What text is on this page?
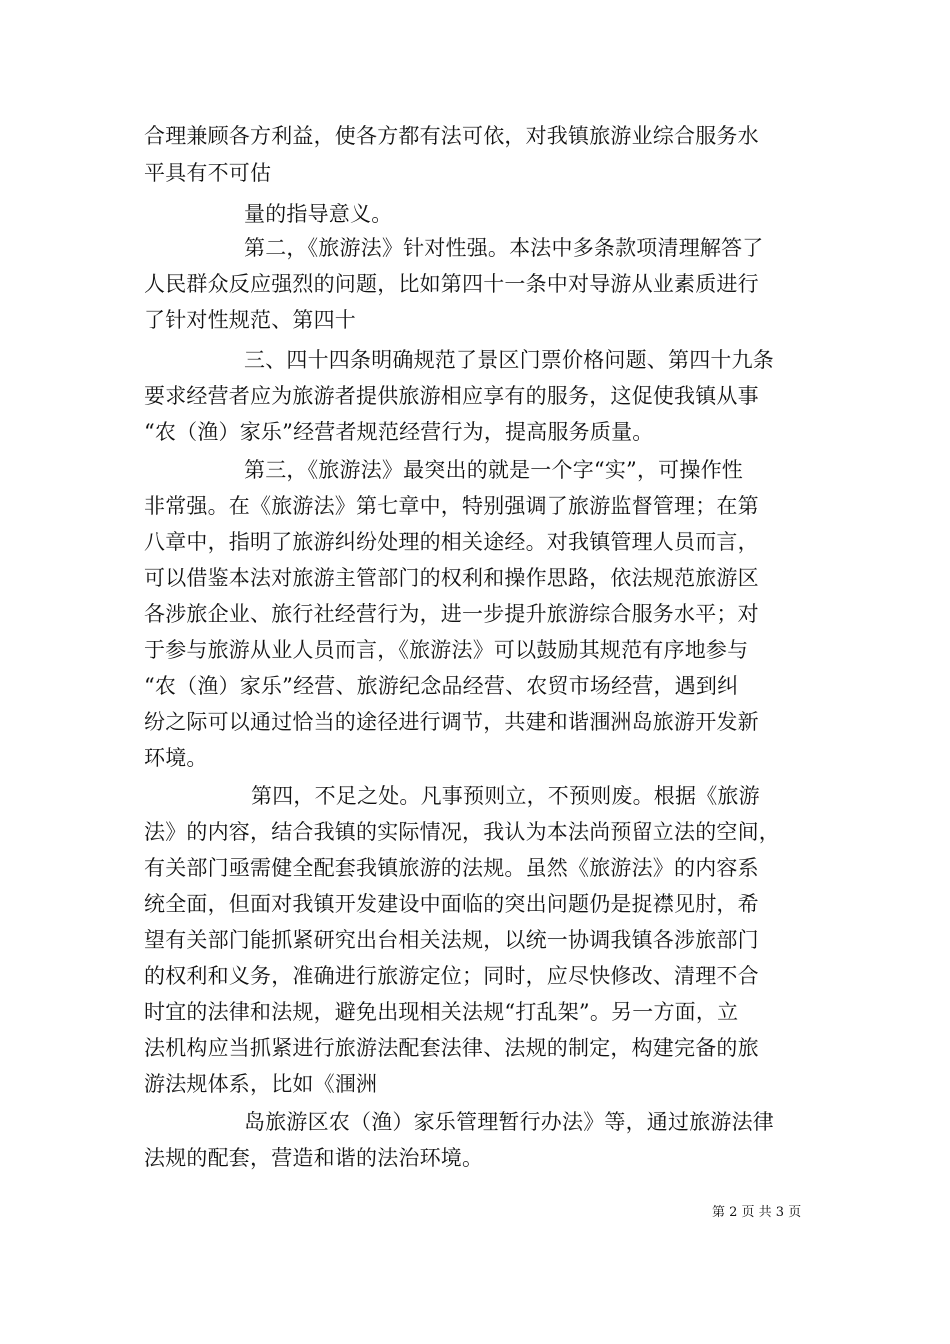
合理兼顾各方利益，使各方都有法可依，对我镇旅游业综合服务水
平具有不可估
量的指导意义。
第二，《旅游法》针对性强。本法中多条款项清理解答了
人民群众反应强烈的问题，比如第四十一条中对导游从业素质进行
了针对性规范、第四十
三、四十四条明确规范了景区门票价格问题、第四十九条
要求经营者应为旅游者提供旅游相应享有的服务，这促使我镇从事
“农（渔）家乐”经营者规范经营行为，提高服务质量。
第三，《旅游法》最突出的就是一个字“实”，可操作性
非常强。在《旅游法》第七章中，特别强调了旅游监督管理；在第
八章中，指明了旅游纠纷处理的相关途经。对我镇管理人员而言，
可以借鉴本法对旅游主管部门的权利和操作思路，依法规范旅游区
各涉旅企业、旅行社经营行为，进一步提升旅游综合服务水平；对
于参与旅游从业人员而言，《旅游法》可以鼓励其规范有序地参与
“农（渔）家乐”经营、旅游纪念品经营、农贸市场经营，遇到纠
纷之际可以通过恰当的途径进行调节，共建和谐涠洲岛旅游开发新
环境。
第四，不足之处。凡事预则立，不预则废。根据《旅游
法》的内容，结合我镇的实际情况，我认为本法尚预留立法的空间，
有关部门亟需健全配套我镇旅游的法规。虽然《旅游法》的内容系
统全面，但面对我镇开发建设中面临的突出问题仍是捉襟见肘，希
望有关部门能抓紧研究出台相关法规，以统一协调我镇各涉旅部门
的权利和义务，准确进行旅游定位；同时，应尽快修改、清理不合
时宜的法律和法规，避免出现相关法规“打乱架”。另一方面，立
法机构应当抓紧进行旅游法配套法律、法规的制定，构建完备的旅
游法规体系，比如《涠洲
岛旅游区农（渔）家乐管理暂行办法》等，通过旅游法律
法规的配套，营造和谐的法治环境。
第 2 页 共 3 页
